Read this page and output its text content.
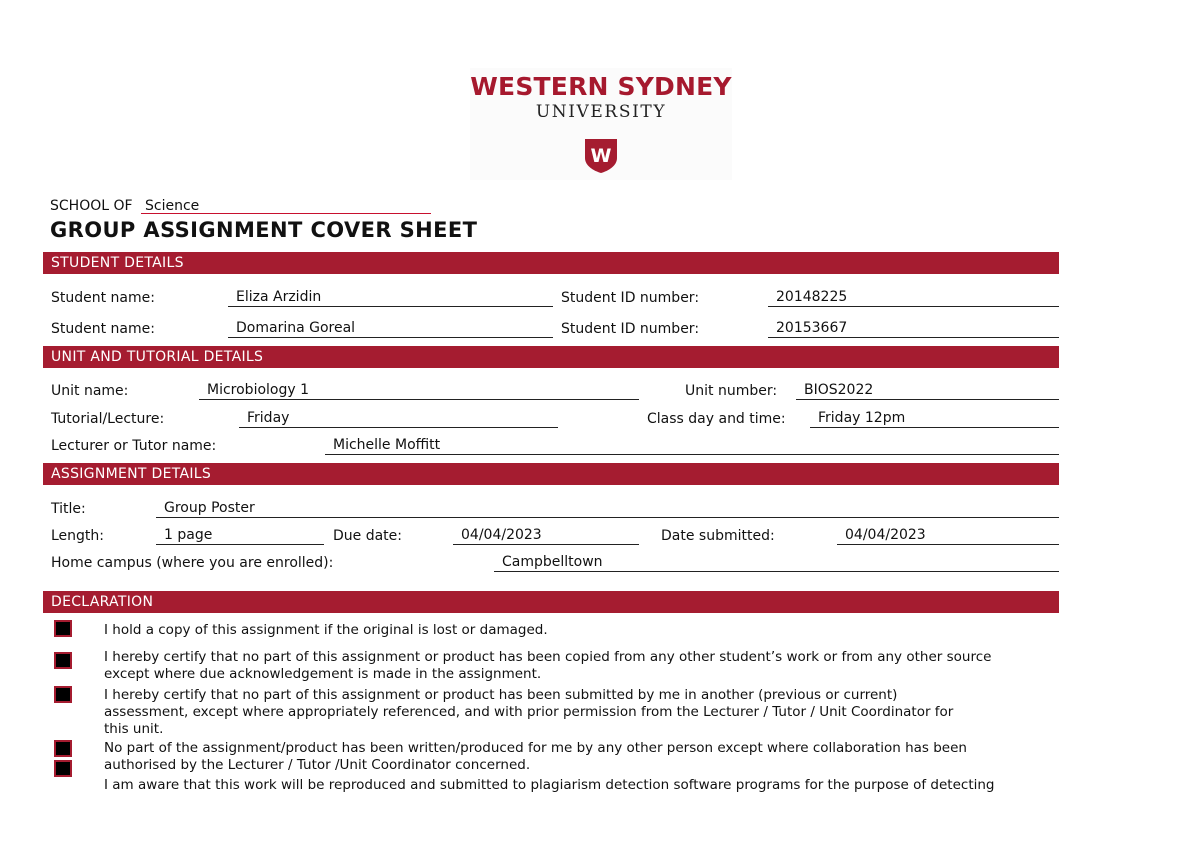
WESTERN SYDNEY
UNIVERSITY
W
SCHOOL OF Science
GROUP ASSIGNMENT COVER SHEET
STUDENT DETAILS
Student name:	Eliza Arzidin	Student ID number:	20148225
Student name:	Domarina Goreal	Student ID number:	20153667
UNIT AND TUTORIAL DETAILS
Unit name:	Microbiology 1	Unit number:	BIOS2022
Tutorial/Lecture:	Friday	Class day and time:	Friday 12pm
Lecturer or Tutor name:	Michelle Moffitt
ASSIGNMENT DETAILS
Title:	Group Poster
Length:	1 page	Due date:	04/04/2023	Date submitted:	04/04/2023
Home campus (where you are enrolled):	Campbelltown
DECLARATION
I hold a copy of this assignment if the original is lost or damaged.
I hereby certify that no part of this assignment or product has been copied from any other student’s work or from any other source
except where due acknowledgement is made in the assignment.
I hereby certify that no part of this assignment or product has been submitted by me in another (previous or current)
assessment, except where appropriately referenced, and with prior permission from the Lecturer / Tutor / Unit Coordinator for
this unit.
No part of the assignment/product has been written/produced for me by any other person except where collaboration has been
authorised by the Lecturer / Tutor /Unit Coordinator concerned.
I am aware that this work will be reproduced and submitted to plagiarism detection software programs for the purpose of detecting
